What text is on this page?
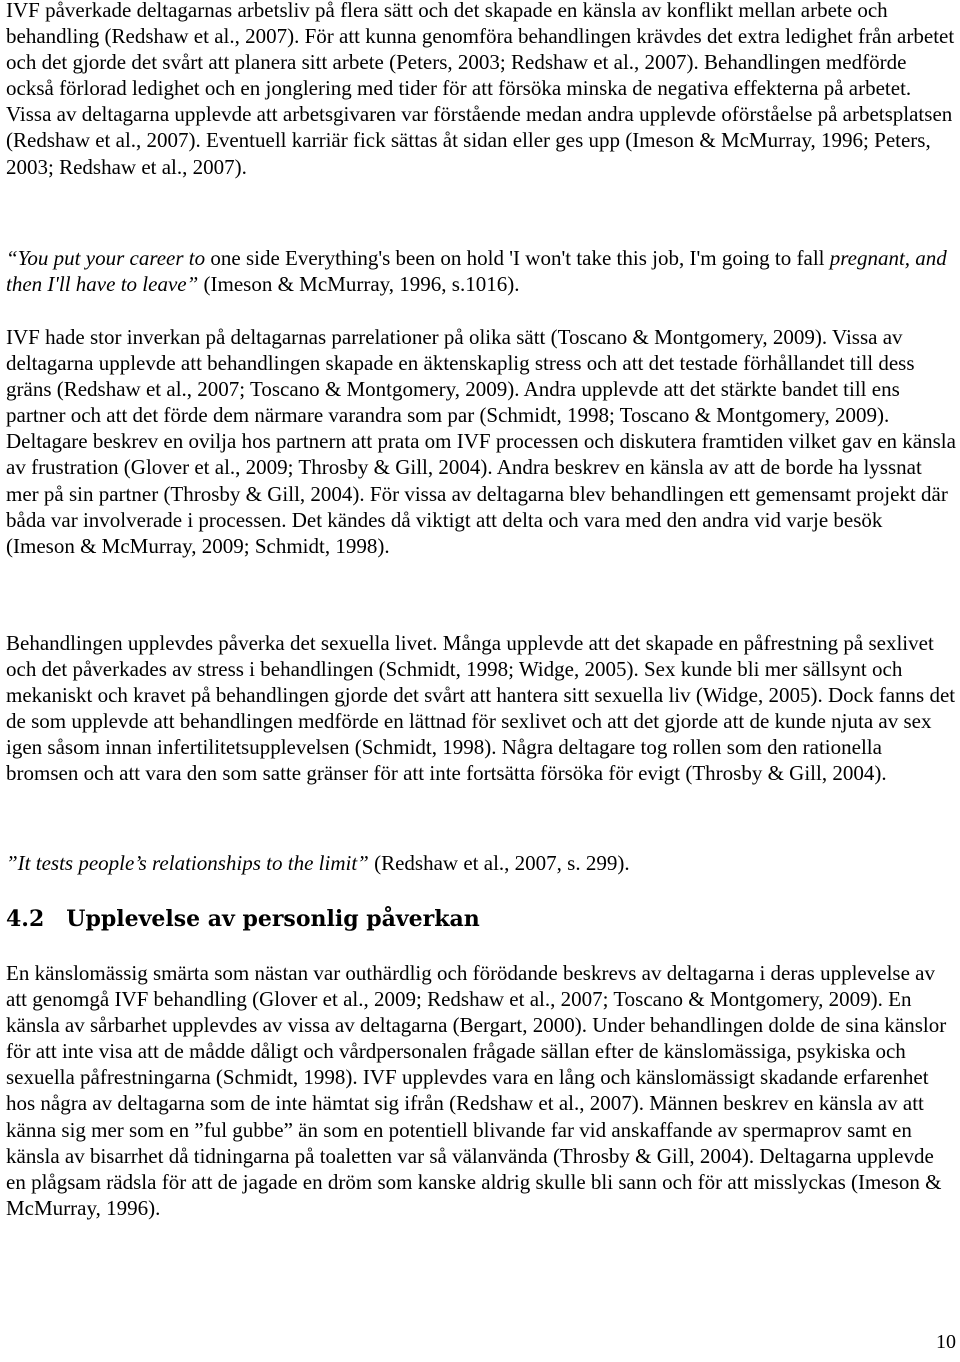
IVF påverkade deltagarnas arbetsliv på flera sätt och det skapade en känsla av konflikt mellan arbete och behandling (Redshaw et al., 2007). För att kunna genomföra behandlingen krävdes det extra ledighet från arbetet och det gjorde det svårt att planera sitt arbete (Peters, 2003; Redshaw et al., 2007). Behandlingen medförde också förlorad ledighet och en jonglering med tider för att försöka minska de negativa effekterna på arbetet. Vissa av deltagarna upplevde att arbetsgivaren var förstående medan andra upplevde oförståelse på arbetsplatsen (Redshaw et al., 2007). Eventuell karriär fick sättas åt sidan eller ges upp (Imeson & McMurray, 1996; Peters, 2003; Redshaw et al., 2007).

“You put your career to one side Everything's been on hold 'I won't take this job, I'm going to fall pregnant, and then I'll have to leave” (Imeson & McMurray, 1996, s.1016).

IVF hade stor inverkan på deltagarnas parrelationer på olika sätt (Toscano & Montgomery, 2009). Vissa av deltagarna upplevde att behandlingen skapade en äktenskaplig stress och att det testade förhållandet till dess gräns (Redshaw et al., 2007; Toscano & Montgomery, 2009). Andra upplevde att det stärkte bandet till ens partner och att det förde dem närmare varandra som par (Schmidt, 1998; Toscano & Montgomery, 2009). Deltagare beskrev en ovilja hos partnern att prata om IVF processen och diskutera framtiden vilket gav en känsla av frustration (Glover et al., 2009; Throsby & Gill, 2004). Andra beskrev en känsla av att de borde ha lyssnat mer på sin partner (Throsby & Gill, 2004). För vissa av deltagarna blev behandlingen ett gemensamt projekt där båda var involverade i processen. Det kändes då viktigt att delta och vara med den andra vid varje besök (Imeson & McMurray, 2009; Schmidt, 1998).

Behandlingen upplevdes påverka det sexuella livet. Många upplevde att det skapade en påfrestning på sexlivet och det påverkades av stress i behandlingen (Schmidt, 1998; Widge, 2005). Sex kunde bli mer sällsynt och mekaniskt och kravet på behandlingen gjorde det svårt att hantera sitt sexuella liv (Widge, 2005). Dock fanns det de som upplevde att behandlingen medförde en lättnad för sexlivet och att det gjorde att de kunde njuta av sex igen såsom innan infertilitetsupplevelsen (Schmidt, 1998). Några deltagare tog rollen som den rationella bromsen och att vara den som satte gränser för att inte fortsätta försöka för evigt (Throsby & Gill, 2004).

”It tests people’s relationships to the limit” (Redshaw et al., 2007, s. 299).

4.2 Upplevelse av personlig påverkan

En känslomässig smärta som nästan var outhärdlig och förödande beskrevs av deltagarna i deras upplevelse av att genomgå IVF behandling (Glover et al., 2009; Redshaw et al., 2007; Toscano & Montgomery, 2009). En känsla av sårbarhet upplevdes av vissa av deltagarna (Bergart, 2000). Under behandlingen dolde de sina känslor för att inte visa att de mådde dåligt och vårdpersonalen frågade sällan efter de känslomässiga, psykiska och sexuella påfrestningarna (Schmidt, 1998). IVF upplevdes vara en lång och känslomässigt skadande erfarenhet hos några av deltagarna som de inte hämtat sig ifrån (Redshaw et al., 2007). Männen beskrev en känsla av att känna sig mer som en ”ful gubbe” än som en potentiell blivande far vid anskaffande av spermaprov samt en känsla av bisarrhet då tidningarna på toaletten var så välanvända (Throsby & Gill, 2004). Deltagarna upplevde en plågsam rädsla för att de jagade en dröm som kanske aldrig skulle bli sann och för att misslyckas (Imeson & McMurray, 1996).

10
